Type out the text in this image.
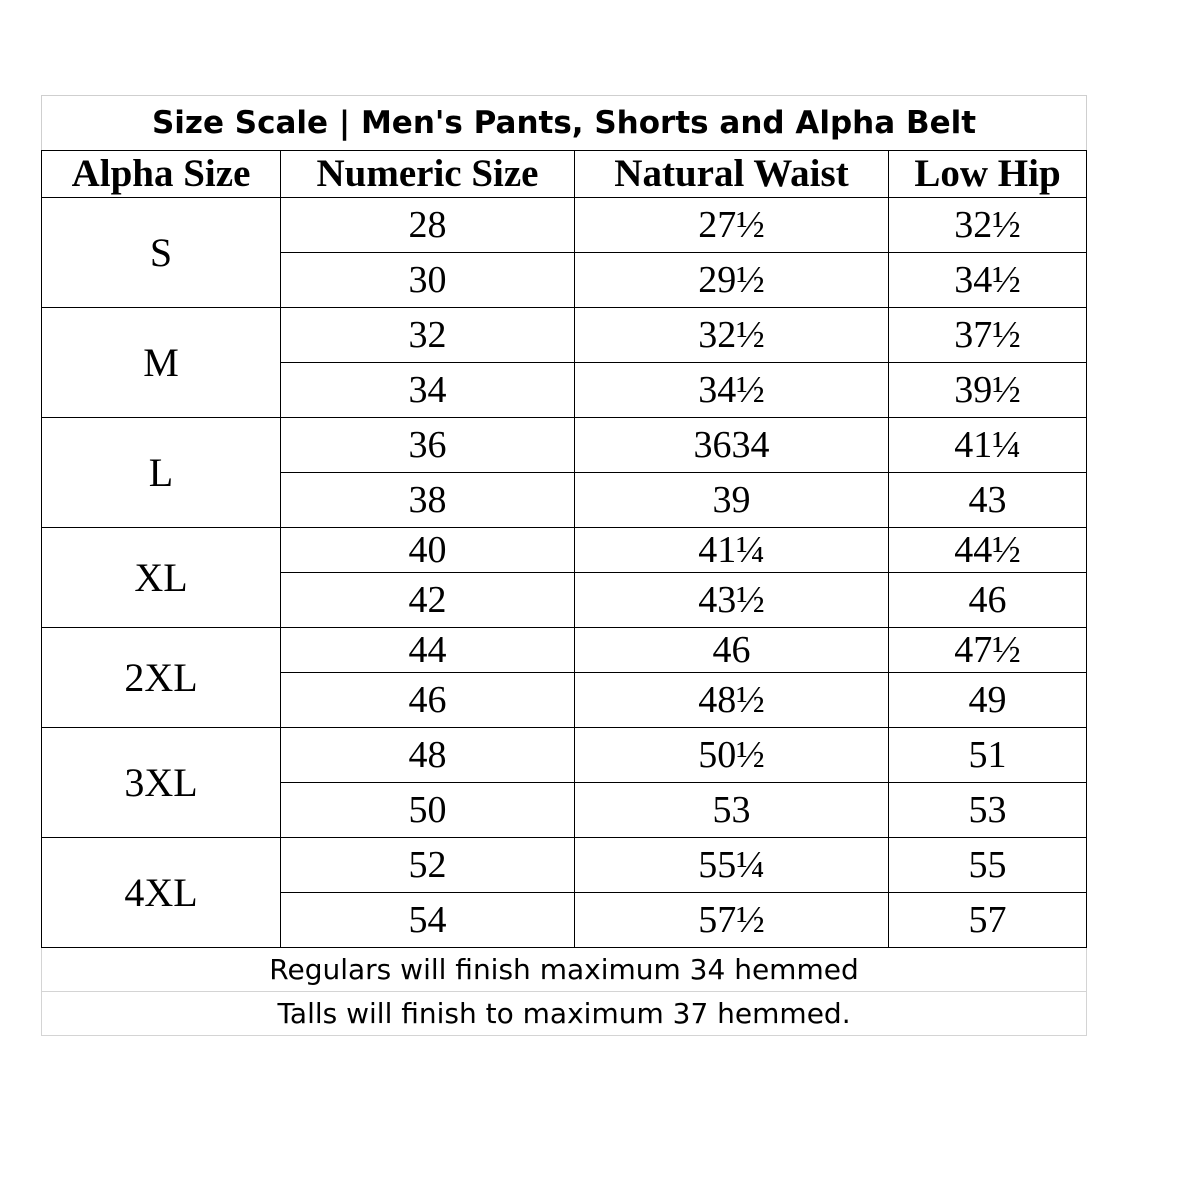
Size Scale | Men's Pants, Shorts and Alpha Belt			
Alpha Size	Numeric Size	Natural Waist	Low Hip
S	28	27½	32½
	30	29½	34½
M	32	32½	37½
	34	34½	39½
L	36	3634	41¼
	38	39	43
XL	40	41¼	44½
	42	43½	46
2XL	44	46	47½
	46	48½	49
3XL	48	50½	51
	50	53	53
4XL	52	55¼	55
	54	57½	57
Regulars will finish maximum 34 hemmed			
Talls will finish to maximum 37 hemmed.			
